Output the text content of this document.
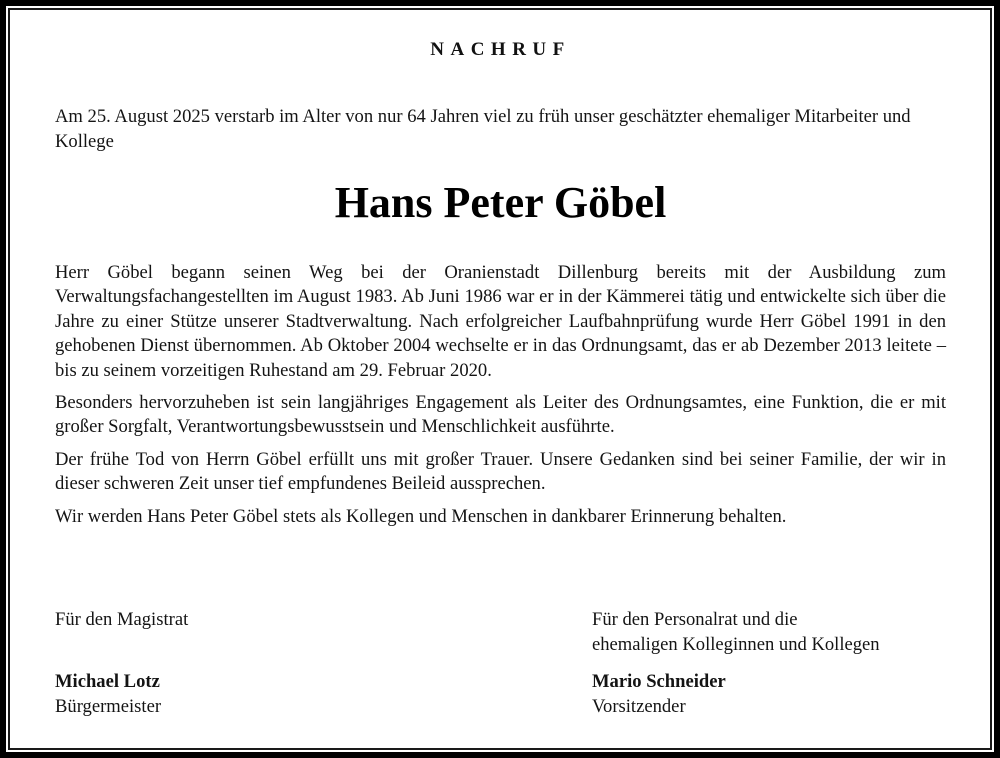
NACHRUF
Am 25. August 2025 verstarb im Alter von nur 64 Jahren viel zu früh unser geschätzter ehemaliger Mitarbeiter und Kollege
Hans Peter Göbel

Herr Göbel begann seinen Weg bei der Oranienstadt Dillenburg bereits mit der Ausbildung zum Verwaltungsfachangestellten im August 1983. Ab Juni 1986 war er in der Kämmerei tätig und entwickelte sich über die Jahre zu einer Stütze unserer Stadtverwaltung. Nach erfolgreicher Laufbahnprüfung wurde Herr Göbel 1991 in den gehobenen Dienst übernommen. Ab Oktober 2004 wechselte er in das Ordnungsamt, das er ab Dezember 2013 leitete – bis zu seinem vorzeitigen Ruhestand am 29. Februar 2020.

Besonders hervorzuheben ist sein langjähriges Engagement als Leiter des Ordnungsamtes, eine Funktion, die er mit großer Sorgfalt, Verantwortungsbewusstsein und Menschlichkeit ausführte.

Der frühe Tod von Herrn Göbel erfüllt uns mit großer Trauer. Unsere Gedanken sind bei seiner Familie, der wir in dieser schweren Zeit unser tief empfundenes Beileid aussprechen.

Wir werden Hans Peter Göbel stets als Kollegen und Menschen in dankbarer Erinnerung behalten.

Für den Magistrat
Michael Lotz
Bürgermeister
Für den Personalrat und die
ehemaligen Kolleginnen und Kollegen
Mario Schneider
Vorsitzender
